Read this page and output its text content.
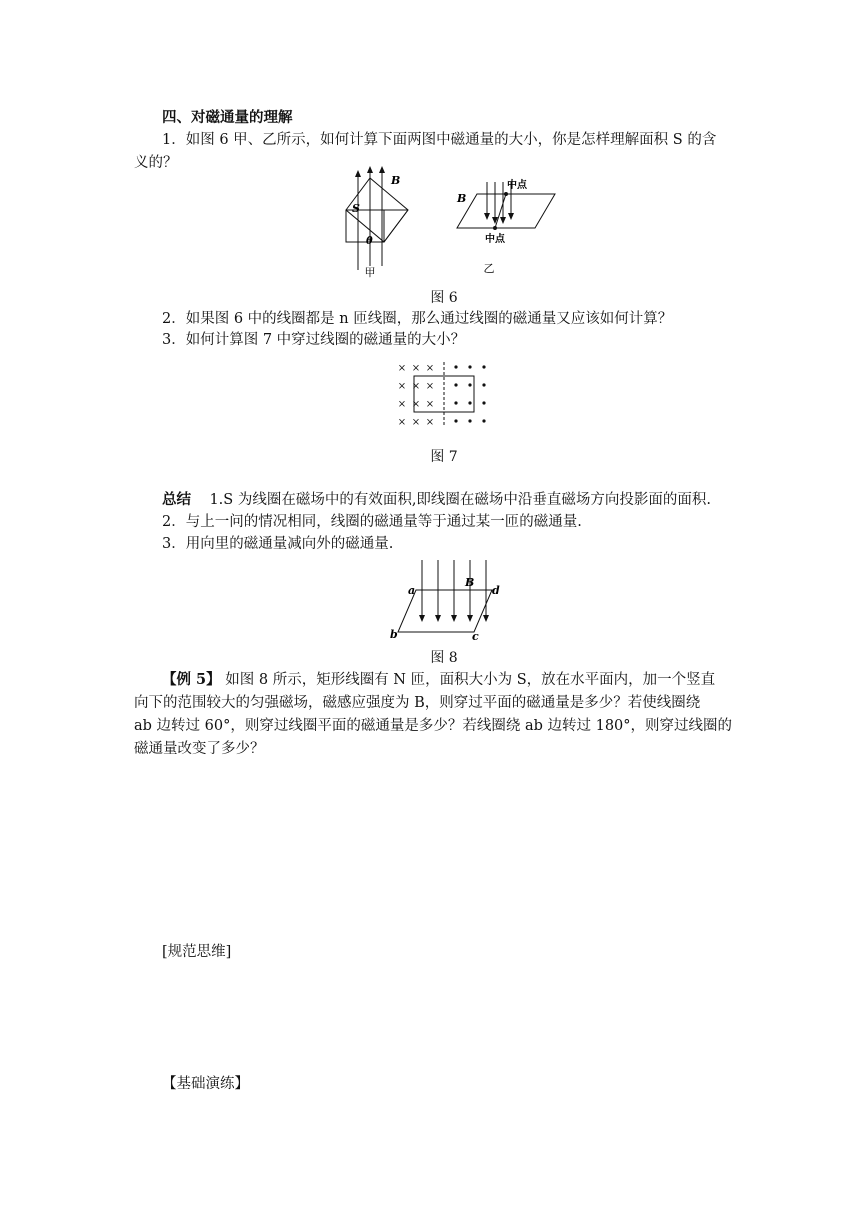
四、对磁通量的理解
1．如图 6 甲、乙所示，如何计算下面两图中磁通量的大小，你是怎样理解面积 S 的含
义的？
B
S
θ
甲
中点
B
中点
乙
图 6
2．如果图 6 中的线圈都是 n 匝线圈，那么通过线圈的磁通量又应该如何计算？
3．如何计算图 7 中穿过线圈的磁通量的大小？
× × ×
× × ×
× × ×
× × ×
图 7
总结 1.S 为线圈在磁场中的有效面积,即线圈在磁场中沿垂直磁场方向投影面的面积.
2．与上一问的情况相同，线圈的磁通量等于通过某一匝的磁通量.
3．用向里的磁通量减向外的磁通量.
a	d
b	c
B
图 8
【例 5】 如图 8 所示，矩形线圈有 N 匝，面积大小为 S，放在水平面内，加一个竖直
向下的范围较大的匀强磁场，磁感应强度为 B，则穿过平面的磁通量是多少？若使线圈绕
ab 边转过 60°，则穿过线圈平面的磁通量是多少？若线圈绕 ab 边转过 180°，则穿过线圈的
磁通量改变了多少？
[规范思维]
【基础演练】
